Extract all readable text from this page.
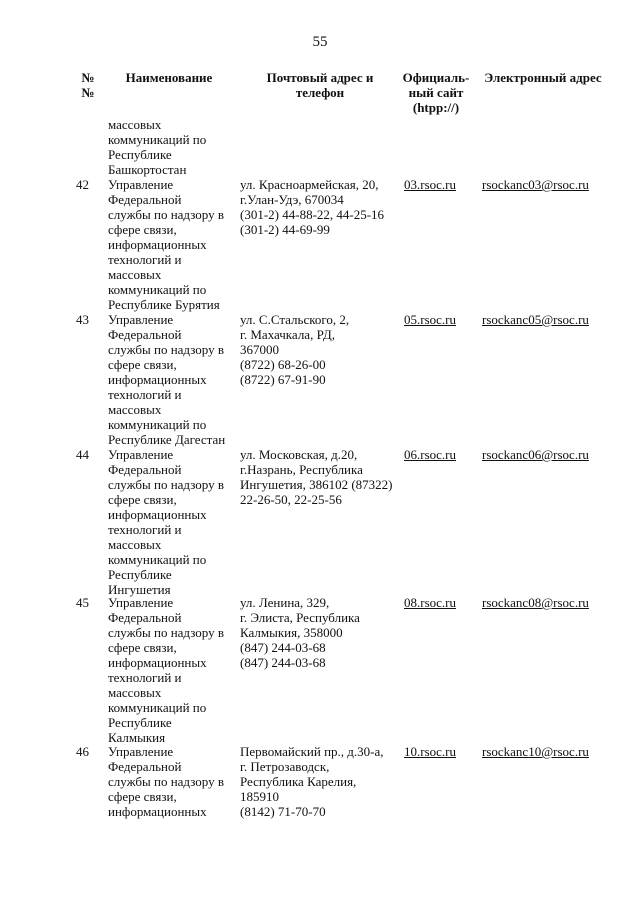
55
№
№
Наименование	Почтовый адрес и
телефон
Официаль-
ный сайт
(htpp://)
Электронный адрес
массовых
коммуникаций по
Республике
Башкортостан
42 Управление
Федеральной
службы по надзору в
сфере связи,
информационных
технологий и
массовых
коммуникаций по
Республике Бурятия
ул. Красноармейская, 20,
г.Улан-Удэ, 670034
(301-2) 44-88-22, 44-25-16
(301-2) 44-69-99
03.rsoc.ru rsockanc03@rsoc.ru
43 Управление
Федеральной
службы по надзору в
сфере связи,
информационных
технологий и
массовых
коммуникаций по
Республике Дагестан
ул. С.Стальского, 2,
г. Махачкала, РД,
367000
(8722) 68-26-00
(8722) 67-91-90
05.rsoc.ru rsockanc05@rsoc.ru
44 Управление
Федеральной
службы по надзору в
сфере связи,
информационных
технологий и
массовых
коммуникаций по
Республике
Ингушетия
ул. Московская, д.20,
г.Назрань, Республика
Ингушетия, 386102 (87322)
22-26-50, 22-25-56
06.rsoc.ru rsockanc06@rsoc.ru
45 Управление
Федеральной
службы по надзору в
сфере связи,
информационных
технологий и
массовых
коммуникаций по
Республике
Калмыкия
ул. Ленина, 329,
г. Элиста, Республика
Калмыкия, 358000
(847) 244-03-68
(847) 244-03-68
08.rsoc.ru rsockanc08@rsoc.ru
46 Управление
Федеральной
службы по надзору в
сфере связи,
информационных
Первомайский пр., д.30-а,
г. Петрозаводск,
Республика Карелия,
185910
(8142) 71-70-70
10.rsoc.ru rsockanc10@rsoc.ru
